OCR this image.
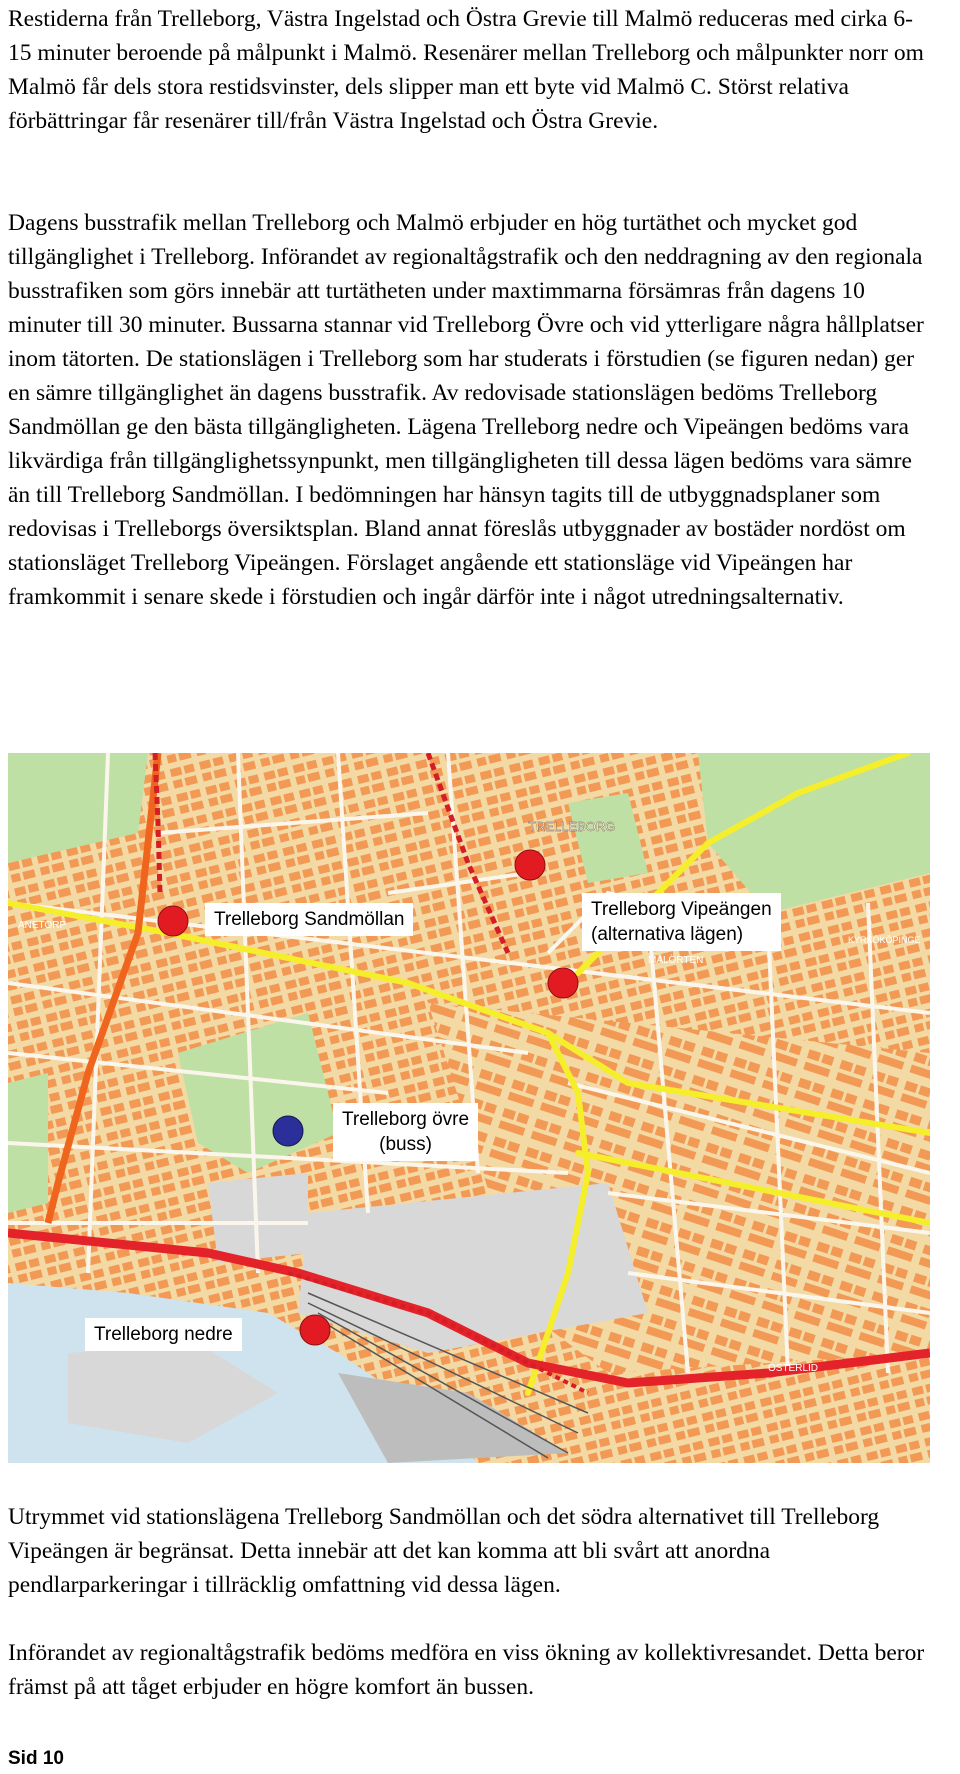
Restiderna från Trelleborg, Västra Ingelstad och Östra Grevie till Malmö reduceras med cirka 6-15 minuter beroende på målpunkt i Malmö. Resenärer mellan Trelleborg och målpunkter norr om Malmö får dels stora restidsvinster, dels slipper man ett byte vid Malmö C. Störst relativa förbättringar får resenärer till/från Västra Ingelstad och Östra Grevie.

Dagens busstrafik mellan Trelleborg och Malmö erbjuder en hög turtäthet och mycket god tillgänglighet i Trelleborg. Införandet av regionaltågstrafik och den neddragning av den regionala busstrafiken som görs innebär att turtätheten under maxtimmarna försämras från dagens 10 minuter till 30 minuter. Bussarna stannar vid Trelleborg Övre och vid ytterligare några hållplatser inom tätorten. De stationslägen i Trelleborg som har studerats i förstudien (se figuren nedan) ger en sämre tillgänglighet än dagens busstrafik. Av redovisade stationslägen bedöms Trelleborg Sandmöllan ge den bästa tillgängligheten. Lägena Trelleborg nedre och Vipeängen bedöms vara likvärdiga från tillgänglighetssynpunkt, men tillgängligheten till dessa lägen bedöms vara sämre än till Trelleborg Sandmöllan. I bedömningen har hänsyn tagits till de utbyggnadsplaner som redovisas i Trelleborgs översiktsplan. Bland annat föreslås utbyggnader av bostäder nordöst om stationsläget Trelleborg Vipeängen. Förslaget angående ett stationsläge vid Vipeängen har framkommit i senare skede i förstudien och ingår därför inte i något utredningsalternativ.

TRELLEBORG
MALÖRTEN
KYRKÖKÖPINGE
ÖSTERLID
ANETORP	Trelleborg Sandmöllan	Trelleborg Vipeängen
(alternativa lägen)
Trelleborg övre
(buss)
Trelleborg nedre

Utrymmet vid stationslägena Trelleborg Sandmöllan och det södra alternativet till Trelleborg Vipeängen är begränsat. Detta innebär att det kan komma att bli svårt att anordna pendlarparkeringar i tillräcklig omfattning vid dessa lägen.

Införandet av regionaltågstrafik bedöms medföra en viss ökning av kollektivresandet. Detta beror främst på att tåget erbjuder en högre komfort än bussen.

Sid 10
